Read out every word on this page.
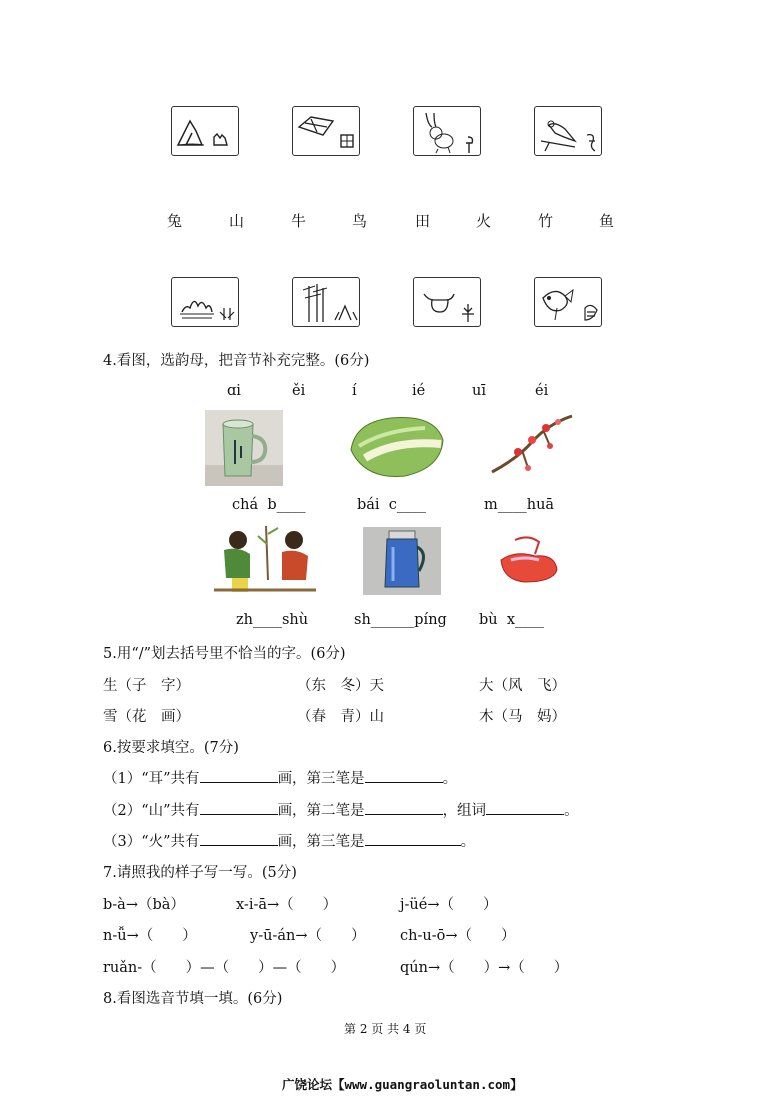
兔	山	牛	鸟	田	火	竹	鱼
4.看图，选韵母，把音节补充完整。(6分)
ɑi	ěi	í	ié	uī	éi
chá  b____	bái  c____	m____huā
zh____shù	sh______píng bù  x____
5.用“/”划去括号里不恰当的字。(6分)
生（子　字）	（东　冬）天	大（风　飞）
雪（花　画）	（春　青）山	木（马　妈）
6.按要求填空。(7分)
（1）“耳”共有	画，第三笔是	。
（2）“山”共有	画，第二笔是	，组词	。
（3）“火”共有	画，第三笔是	。
7.请照我的样子写一写。(5分)
b-à→（bà）	x-i-ā→（　　）	j-üé→（　　）
n-ǚ→（　　）	y-ū-án→（　　） ch-u-ō→（　　）
ruǎn-（　　）—（　　）—（　　）	qún→（　　）→（　　）
8.看图选音节填一填。(6分)
第 2 页 共 4 页
广饶论坛【www.guangraoluntan.com】
